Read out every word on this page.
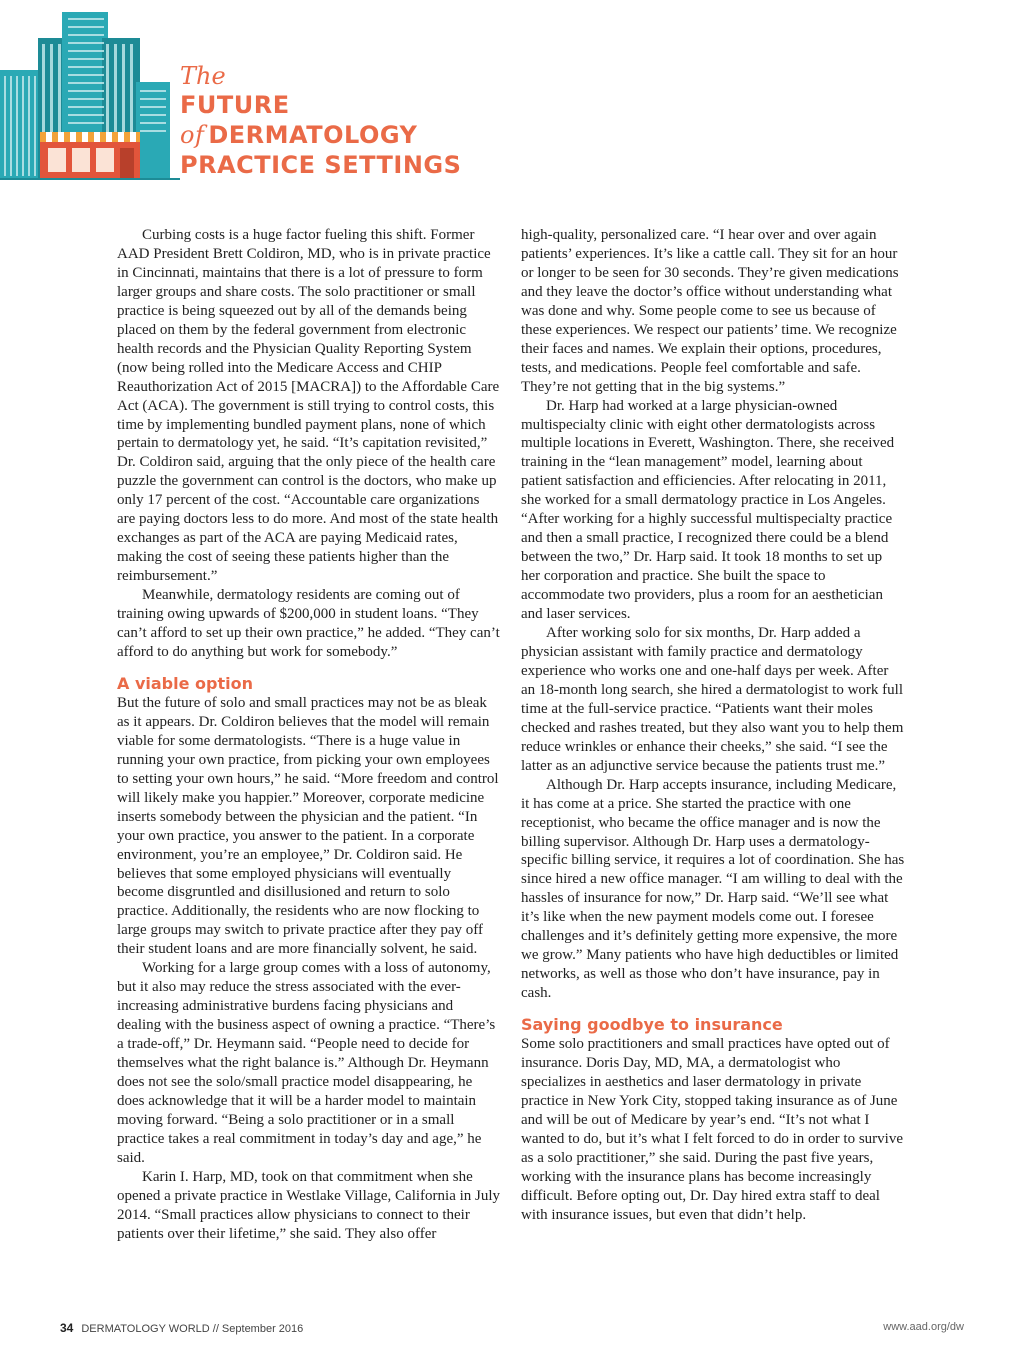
The
FUTURE
of DERMATOLOGY
PRACTICE SETTINGS

Curbing costs is a huge factor fueling this shift. Former AAD President Brett Coldiron, MD, who is in private practice in Cincinnati, maintains that there is a lot of pressure to form larger groups and share costs. The solo practitioner or small practice is being squeezed out by all of the demands being placed on them by the federal government from electronic health records and the Physician Quality Reporting System (now being rolled into the Medicare Access and CHIP Reauthorization Act of 2015 [MACRA]) to the Affordable Care Act (ACA). The government is still trying to control costs, this time by implementing bundled payment plans, none of which pertain to dermatology yet, he said. “It’s capitation revisited,” Dr. Coldiron said, arguing that the only piece of the health care puzzle the government can control is the doctors, who make up only 17 percent of the cost. “Accountable care organizations are paying doctors less to do more. And most of the state health exchanges as part of the ACA are paying Medicaid rates, making the cost of seeing these patients higher than the reimbursement.”

Meanwhile, dermatology residents are coming out of training owing upwards of $200,000 in student loans. “They can’t afford to set up their own practice,” he added. “They can’t afford to do anything but work for somebody.”

A viable option

But the future of solo and small practices may not be as bleak as it appears. Dr. Coldiron believes that the model will remain viable for some dermatologists. “There is a huge value in running your own practice, from picking your own employees to setting your own hours,” he said. “More freedom and control will likely make you happier.” Moreover, corporate medicine inserts somebody between the physician and the patient. “In your own practice, you answer to the patient. In a corporate environment, you’re an employee,” Dr. Coldiron said. He believes that some employed physicians will eventually become disgruntled and disillusioned and return to solo practice. Additionally, the residents who are now flocking to large groups may switch to private practice after they pay off their student loans and are more financially solvent, he said.

Working for a large group comes with a loss of autonomy, but it also may reduce the stress associated with the ever-increasing administrative burdens facing physicians and dealing with the business aspect of owning a practice. “There’s a trade-off,” Dr. Heymann said. “People need to decide for themselves what the right balance is.” Although Dr. Heymann does not see the solo/small practice model disappearing, he does acknowledge that it will be a harder model to maintain moving forward. “Being a solo practitioner or in a small practice takes a real commitment in today’s day and age,” he said.

Karin I. Harp, MD, took on that commitment when she opened a private practice in Westlake Village, California in July 2014. “Small practices allow physicians to connect to their patients over their lifetime,” she said. They also offer

high-quality, personalized care. “I hear over and over again patients’ experiences. It’s like a cattle call. They sit for an hour or longer to be seen for 30 seconds. They’re given medications and they leave the doctor’s office without understanding what was done and why. Some people come to see us because of these experiences. We respect our patients’ time. We recognize their faces and names. We explain their options, procedures, tests, and medications. People feel comfortable and safe. They’re not getting that in the big systems.”

Dr. Harp had worked at a large physician-owned multispecialty clinic with eight other dermatologists across multiple locations in Everett, Washington. There, she received training in the “lean management” model, learning about patient satisfaction and efficiencies. After relocating in 2011, she worked for a small dermatology practice in Los Angeles. “After working for a highly successful multispecialty practice and then a small practice, I recognized there could be a blend between the two,” Dr. Harp said. It took 18 months to set up her corporation and practice. She built the space to accommodate two providers, plus a room for an aesthetician and laser services.

After working solo for six months, Dr. Harp added a physician assistant with family practice and dermatology experience who works one and one-half days per week. After an 18-month long search, she hired a dermatologist to work full time at the full-service practice. “Patients want their moles checked and rashes treated, but they also want you to help them reduce wrinkles or enhance their cheeks,” she said. “I see the latter as an adjunctive service because the patients trust me.”

Although Dr. Harp accepts insurance, including Medicare, it has come at a price. She started the practice with one receptionist, who became the office manager and is now the billing supervisor. Although Dr. Harp uses a dermatology-specific billing service, it requires a lot of coordination. She has since hired a new office manager. “I am willing to deal with the hassles of insurance for now,” Dr. Harp said. “We’ll see what it’s like when the new payment models come out. I foresee challenges and it’s definitely getting more expensive, the more we grow.” Many patients who have high deductibles or limited networks, as well as those who don’t have insurance, pay in cash.

Saying goodbye to insurance

Some solo practitioners and small practices have opted out of insurance. Doris Day, MD, MA, a dermatologist who specializes in aesthetics and laser dermatology in private practice in New York City, stopped taking insurance as of June and will be out of Medicare by year’s end. “It’s not what I wanted to do, but it’s what I felt forced to do in order to survive as a solo practitioner,” she said. During the past five years, working with the insurance plans has become increasingly difficult. Before opting out, Dr. Day hired extra staff to deal with insurance issues, but even that didn’t help.

34 DERMATOLOGY WORLD // September 2016	www.aad.org/dw
